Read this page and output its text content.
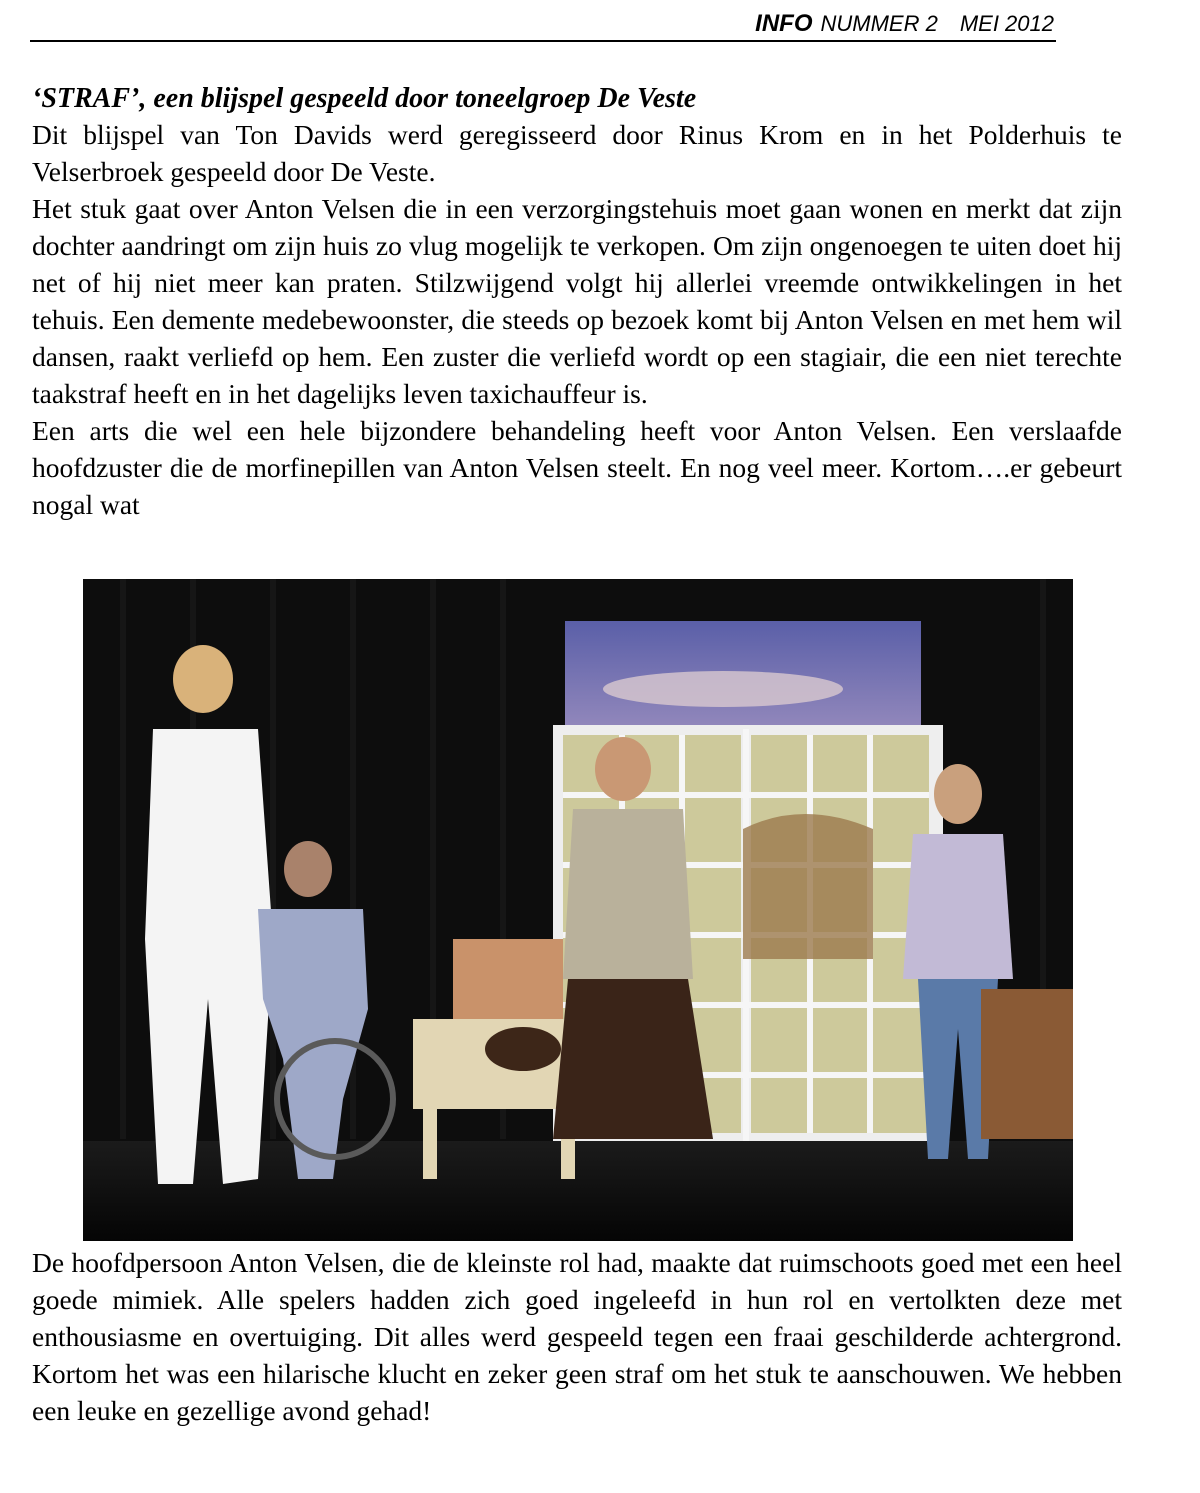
INFO NUMMER 2 MEI 2012
‘STRAF’, een blijspel gespeeld door toneelgroep De Veste

Dit blijspel van Ton Davids werd geregisseerd door Rinus Krom en in het Polderhuis te Velserbroek gespeeld door De Veste.

Het stuk gaat over Anton Velsen die in een verzorgingstehuis moet gaan wonen en merkt dat zijn dochter aandringt om zijn huis zo vlug mogelijk te verkopen. Om zijn ongenoegen te uiten doet hij net of hij niet meer kan praten. Stilzwijgend volgt hij allerlei vreemde ontwikkelingen in het tehuis. Een demente medebewoonster, die steeds op bezoek komt bij Anton Velsen en met hem wil dansen, raakt verliefd op hem. Een zuster die verliefd wordt op een stagiair, die een niet terechte taakstraf heeft en in het dagelijks leven taxichauffeur is.

Een arts die wel een hele bijzondere behandeling heeft voor Anton Velsen. Een verslaafde hoofdzuster die de morfinepillen van Anton Velsen steelt. En nog veel meer. Kortom….er gebeurt nogal wat

De hoofdpersoon Anton Velsen, die de kleinste rol had, maakte dat ruimschoots goed met een heel goede mimiek. Alle spelers hadden zich goed ingeleefd in hun rol en vertolkten deze met enthousiasme en overtuiging. Dit alles werd gespeeld tegen een fraai geschilderde achtergrond. Kortom het was een hilarische klucht en zeker geen straf om het stuk te aanschouwen. We hebben een leuke en gezellige avond gehad!
